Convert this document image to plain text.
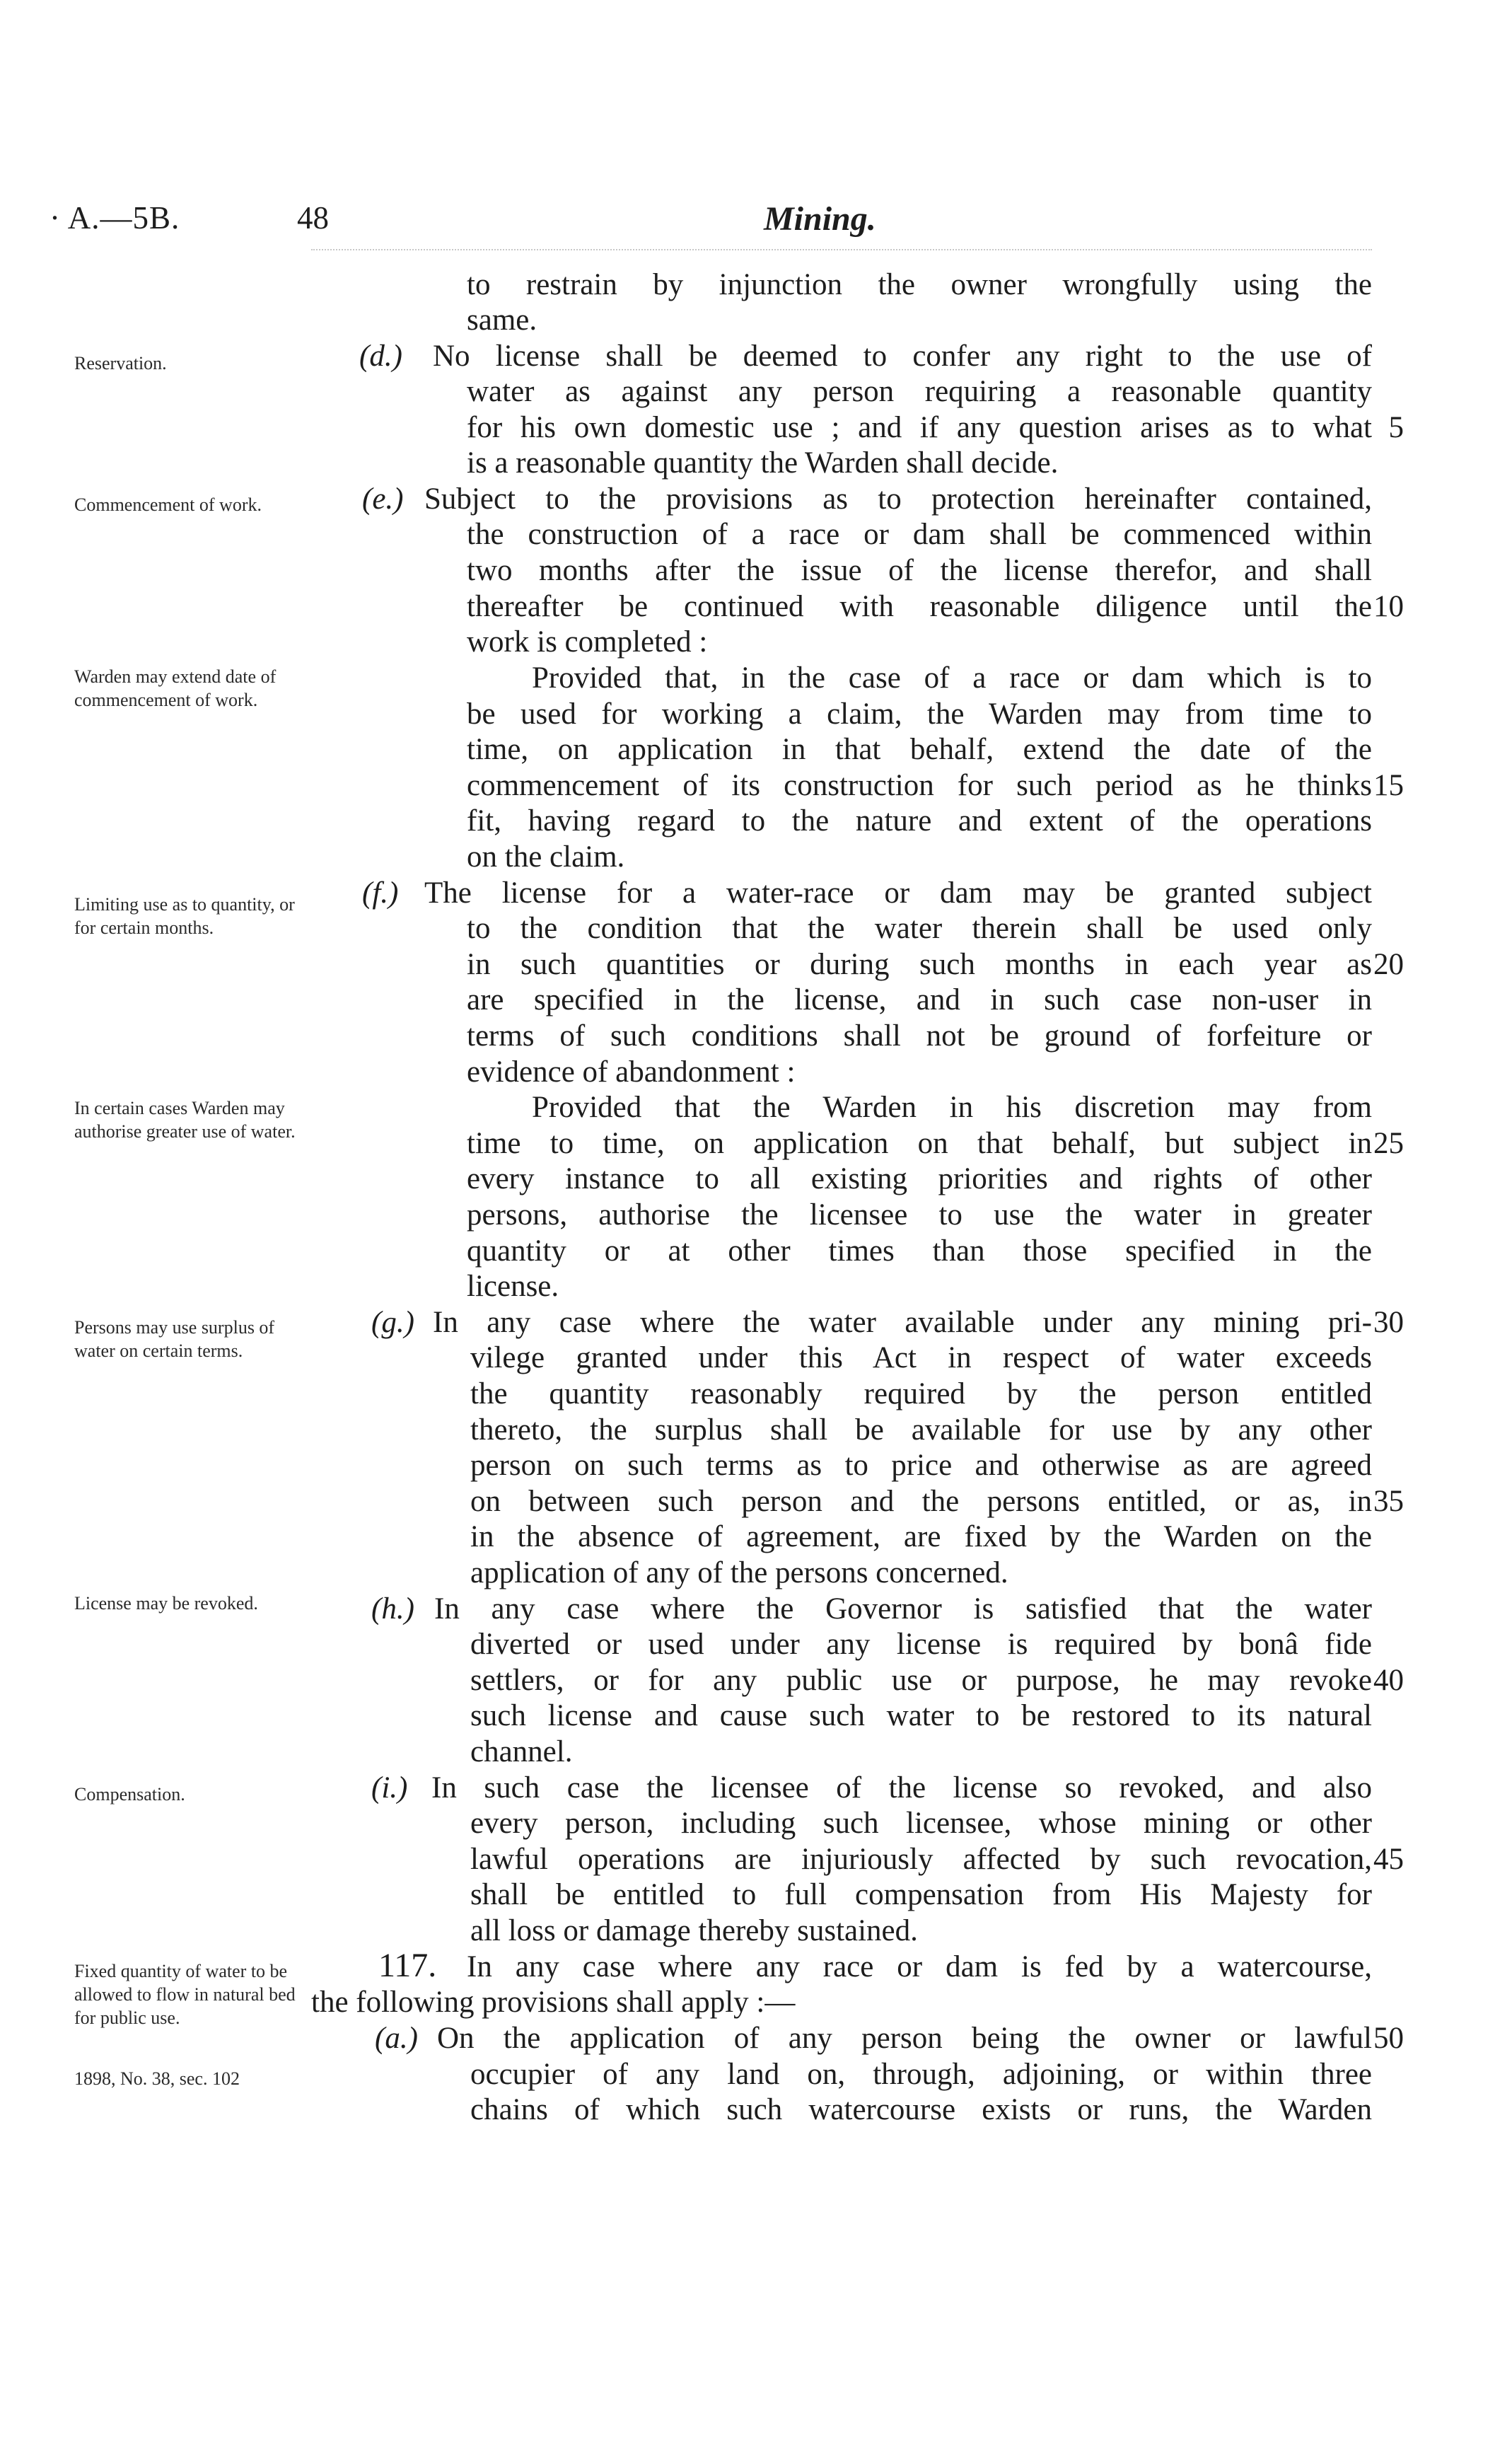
· A.—5B.	48	Mining.
Reservation.
Commencement of work.
Warden may extend date of commencement of work.
Limiting use as to quantity, or for certain months.
In certain cases Warden may authorise greater use of water.
Persons may use surplus of water on certain terms.
License may be revoked.
Compensation.
Fixed quantity of water to be allowed to flow in natural bed for public use.
1898, No. 38, sec. 102
5
10
15
20
25
30
35
40
45
50
to restrain by injunction the owner wrongfully using the
same.
(d.) No license shall be deemed to confer any right to the use of
water as against any person requiring a reasonable quantity
for his own domestic use ; and if any question arises as to what
is a reasonable quantity the Warden shall decide.
(e.) Subject to the provisions as to protection hereinafter contained,
the construction of a race or dam shall be commenced within
two months after the issue of the license therefor, and shall
thereafter be continued with reasonable diligence until the
work is completed :
Provided that, in the case of a race or dam which is to
be used for working a claim, the Warden may from time to
time, on application in that behalf, extend the date of the
commencement of its construction for such period as he thinks
fit, having regard to the nature and extent of the operations
on the claim.
(f.) The license for a water-race or dam may be granted subject
to the condition that the water therein shall be used only
in such quantities or during such months in each year as
are specified in the license, and in such case non-user in
terms of such conditions shall not be ground of forfeiture or
evidence of abandonment :
Provided that the Warden in his discretion may from
time to time, on application on that behalf, but subject in
every instance to all existing priorities and rights of other
persons, authorise the licensee to use the water in greater
quantity or at other times than those specified in the
license.
(g.) In any case where the water available under any mining pri-
vilege granted under this Act in respect of water exceeds
the quantity reasonably required by the person entitled
thereto, the surplus shall be available for use by any other
person on such terms as to price and otherwise as are agreed
on between such person and the persons entitled, or as, in
in the absence of agreement, are fixed by the Warden on the
application of any of the persons concerned.
(h.) In any case where the Governor is satisfied that the water
diverted or used under any license is required by bonâ fide
settlers, or for any public use or purpose, he may revoke
such license and cause such water to be restored to its natural
channel.
(i.) In such case the licensee of the license so revoked, and also
every person, including such licensee, whose mining or other
lawful operations are injuriously affected by such revocation,
shall be entitled to full compensation from His Majesty for
all loss or damage thereby sustained.
117. In any case where any race or dam is fed by a watercourse,
the following provisions shall apply :—
(a.) On the application of any person being the owner or lawful
occupier of any land on, through, adjoining, or within three
chains of which such watercourse exists or runs, the Warden
